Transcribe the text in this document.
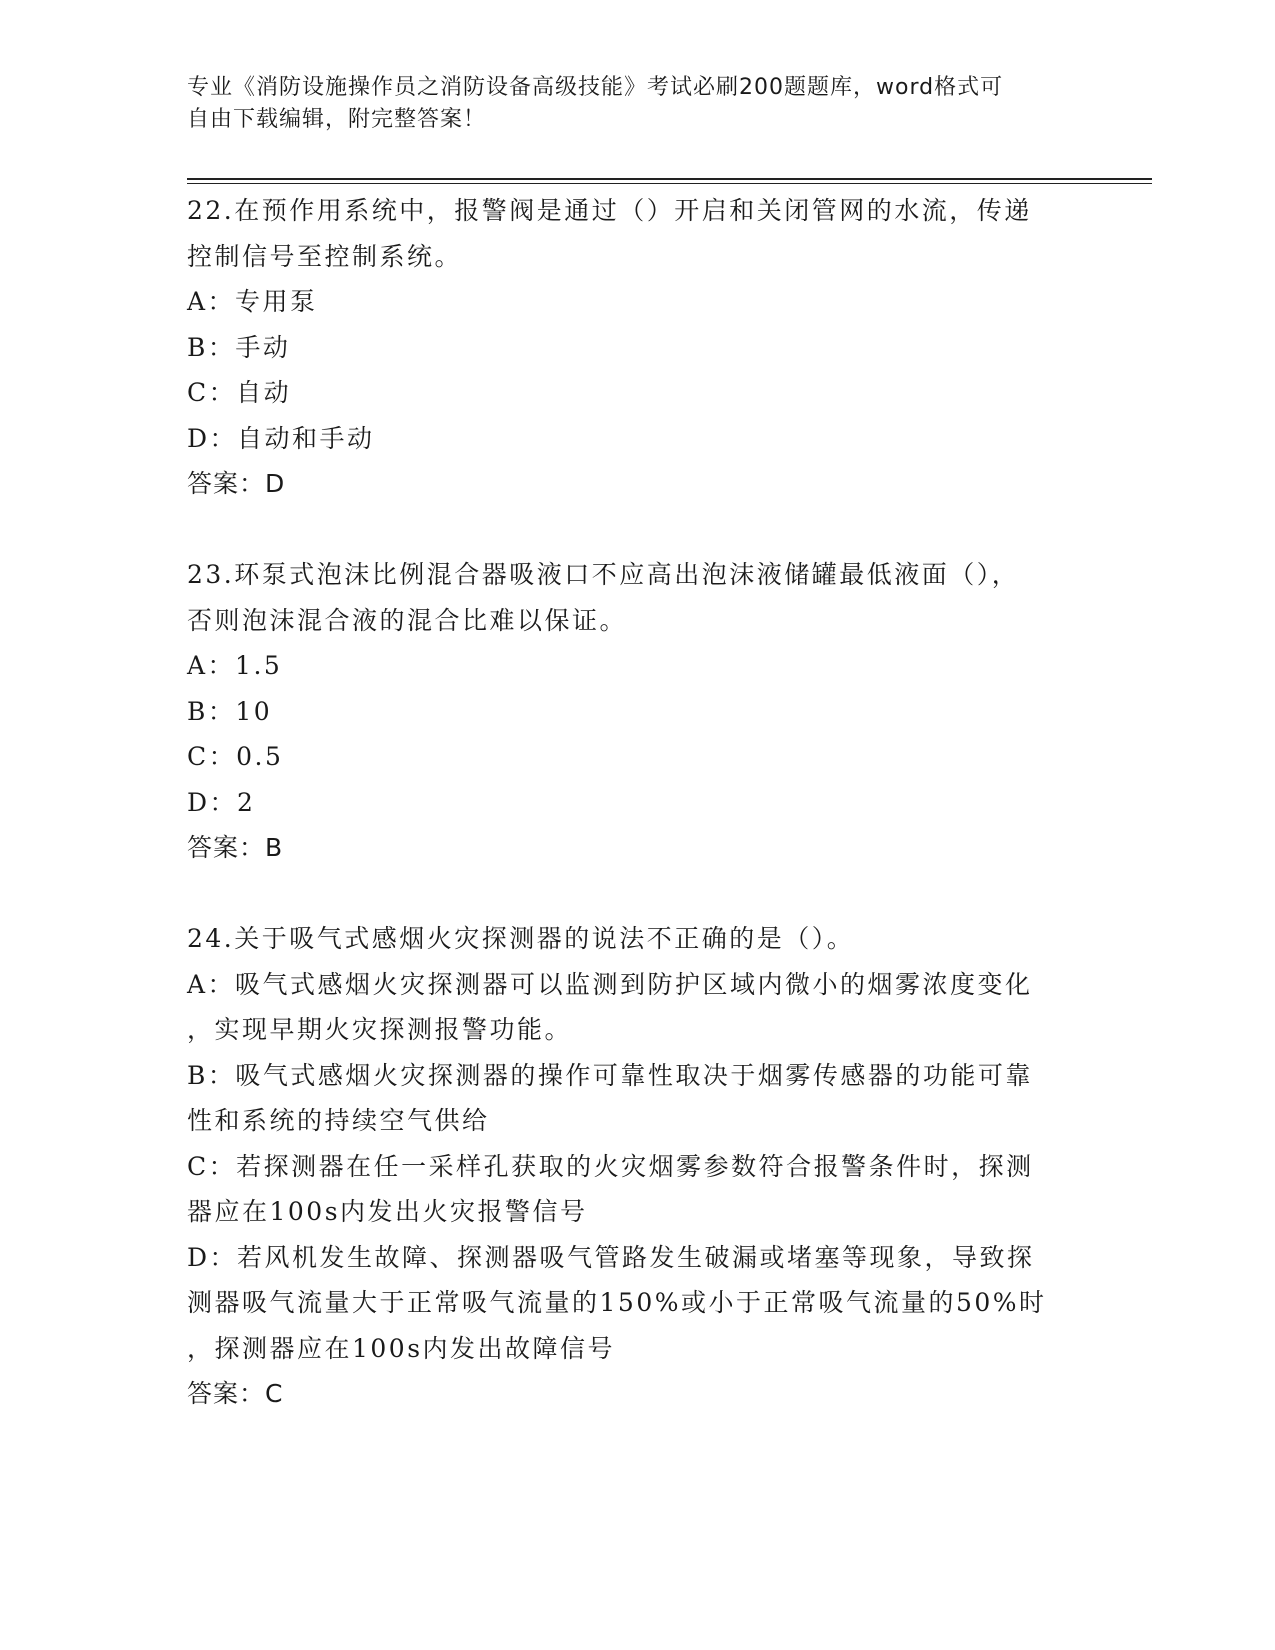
专业《消防设施操作员之消防设备高级技能》考试必刷200题题库，word格式可
自由下载编辑，附完整答案！
22.在预作用系统中，报警阀是通过（）开启和关闭管网的水流，传递
控制信号至控制系统。
A：专用泵
B：手动
C：自动
D：自动和手动
答案：D
23.环泵式泡沫比例混合器吸液口不应高出泡沫液储罐最低液面（），
否则泡沫混合液的混合比难以保证。
A：1.5
B：10
C：0.5
D：2
答案：B
24.关于吸气式感烟火灾探测器的说法不正确的是（）。
A：吸气式感烟火灾探测器可以监测到防护区域内微小的烟雾浓度变化
，实现早期火灾探测报警功能。
B：吸气式感烟火灾探测器的操作可靠性取决于烟雾传感器的功能可靠
性和系统的持续空气供给
C：若探测器在任一采样孔获取的火灾烟雾参数符合报警条件时，探测
器应在100s内发出火灾报警信号
D：若风机发生故障、探测器吸气管路发生破漏或堵塞等现象，导致探
测器吸气流量大于正常吸气流量的150%或小于正常吸气流量的50%时
，探测器应在100s内发出故障信号
答案：C
